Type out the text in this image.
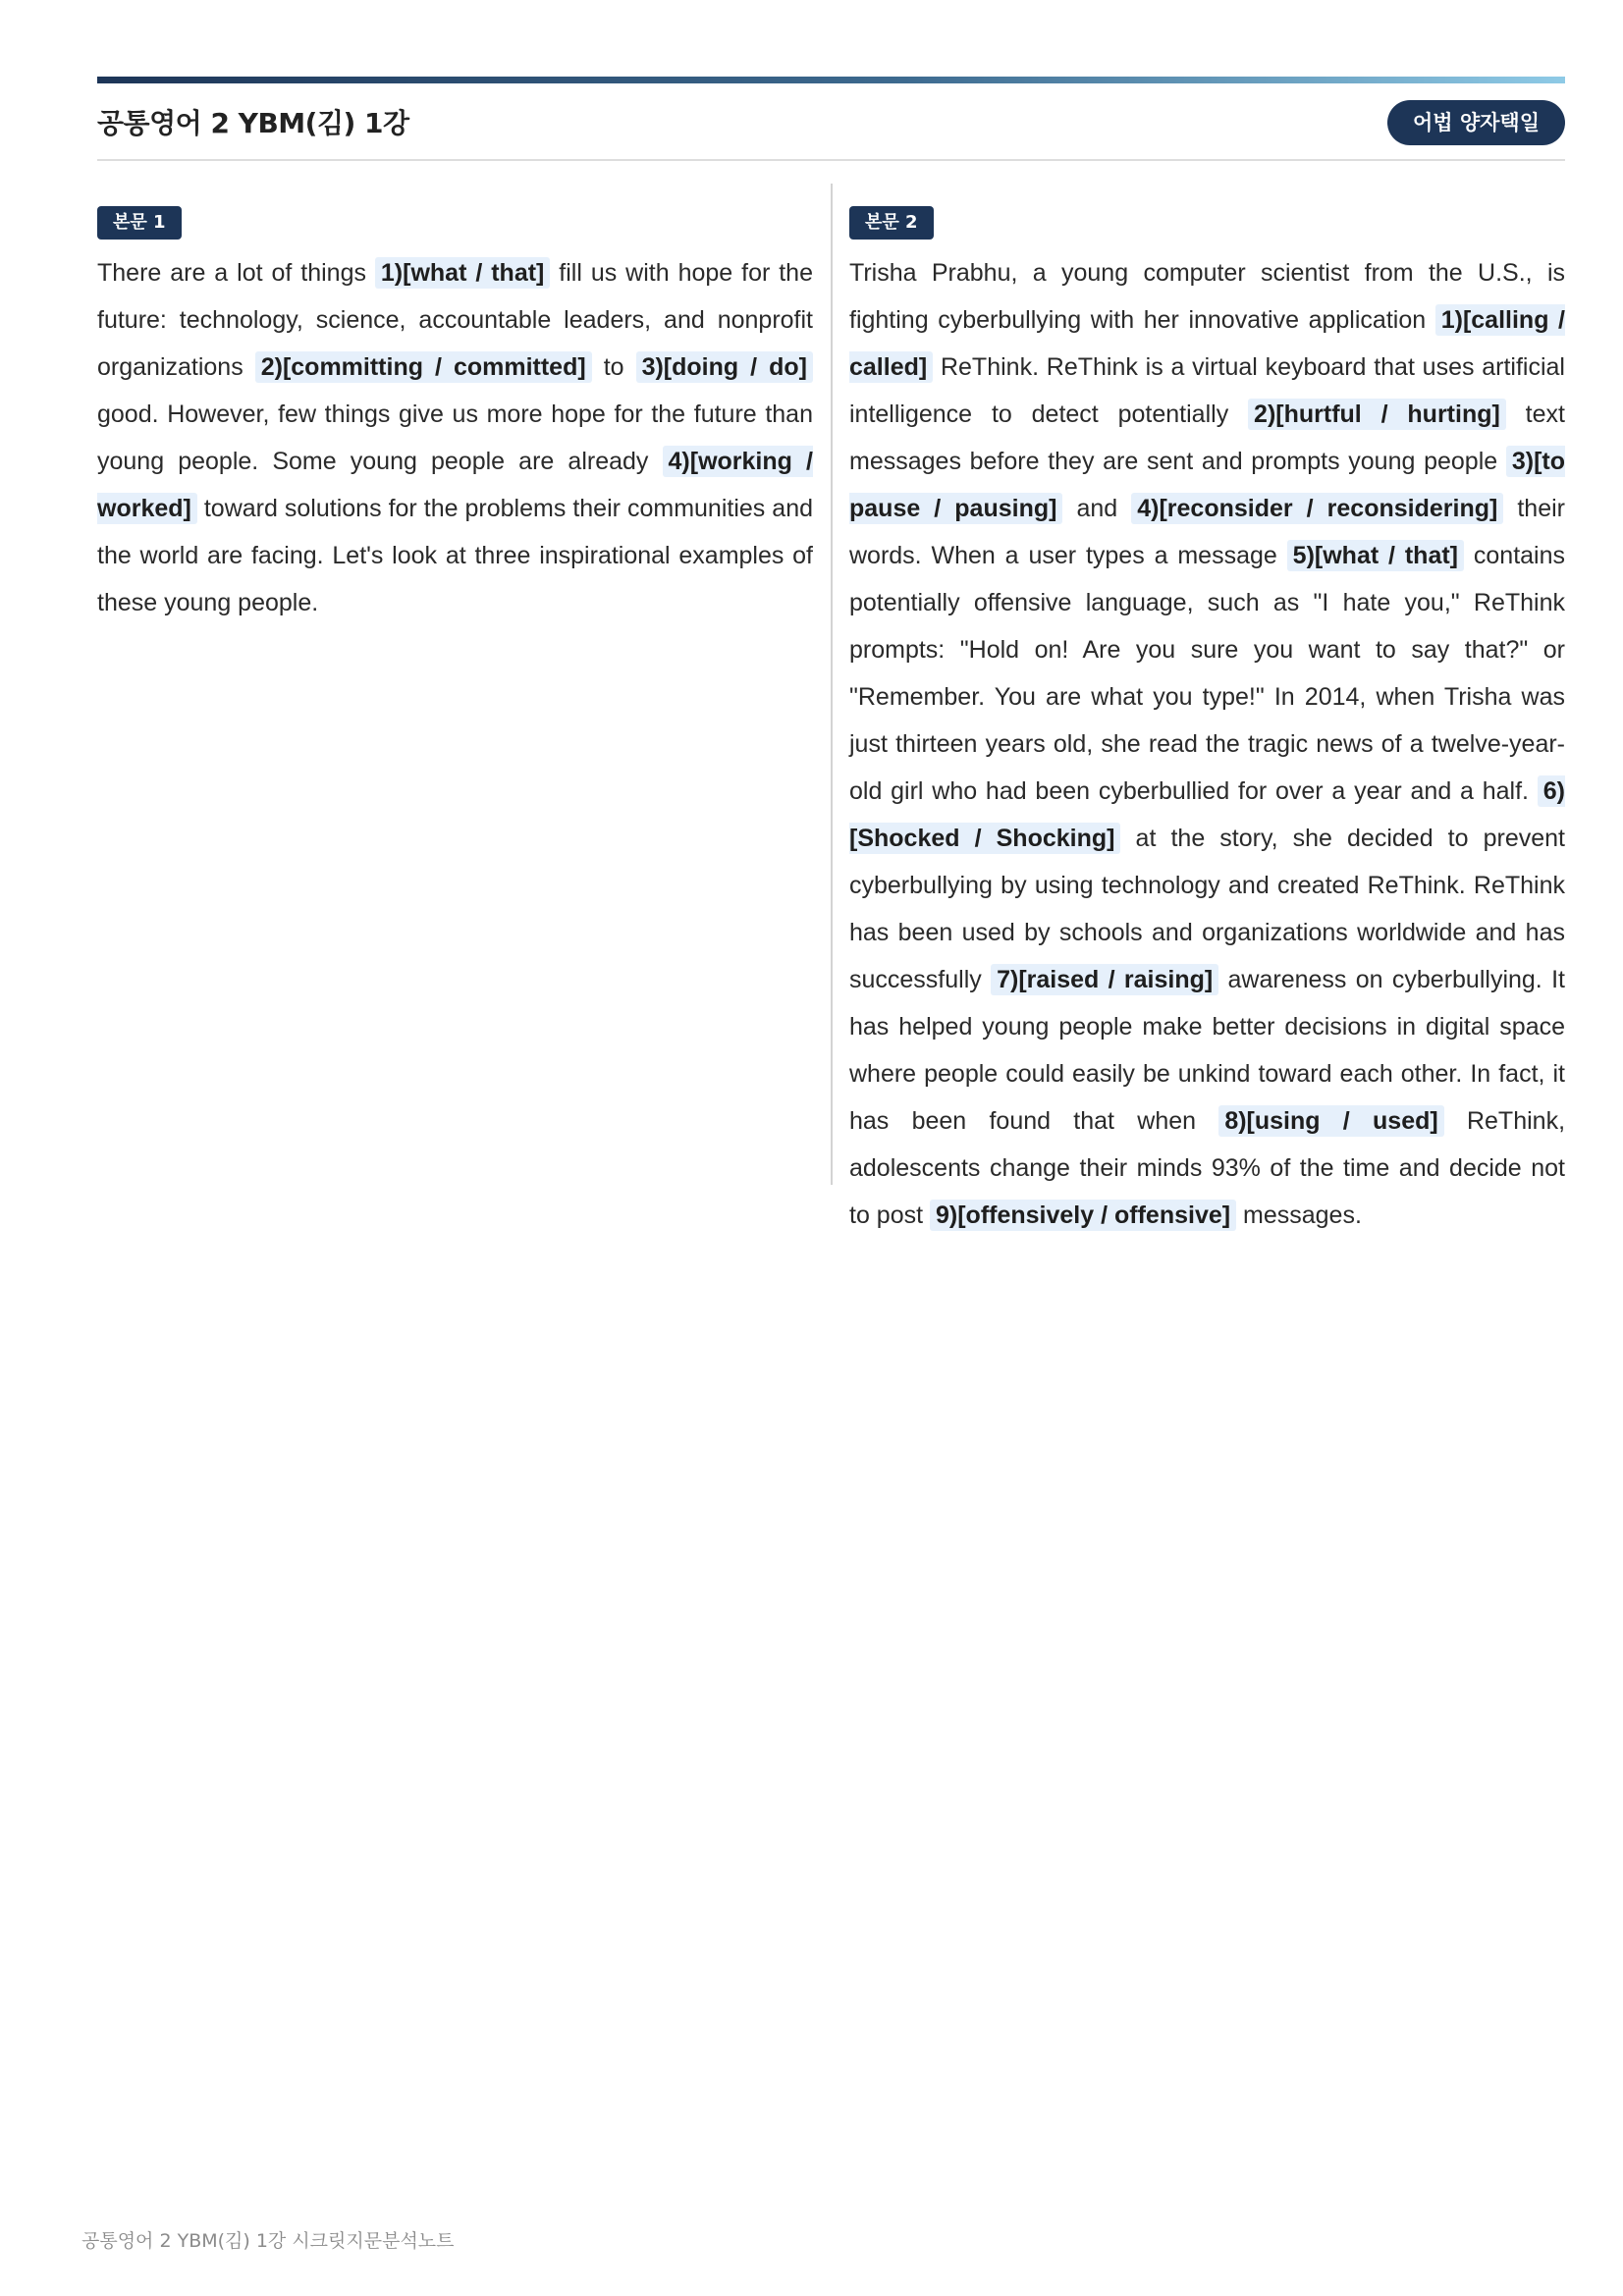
공통영어 2 YBM(김) 1강	어법 양자택일
본문 1

There are a lot of things 1)[what / that] fill us with hope for the future: technology, science, accountable leaders, and nonprofit organizations 2)[committing / committed] to 3)[doing / do] good. However, few things give us more hope for the future than young people. Some young people are already 4)[working / worked] toward solutions for the problems their communities and the world are facing. Let's look at three inspirational examples of these young people.

본문 2

Trisha Prabhu, a young computer scientist from the U.S., is fighting cyberbullying with her innovative application 1)[calling / called] ReThink. ReThink is a virtual keyboard that uses artificial intelligence to detect potentially 2)[hurtful / hurting] text messages before they are sent and prompts young people 3)[to pause / pausing] and 4)[reconsider / reconsidering] their words. When a user types a message 5)[what / that] contains potentially offensive language, such as "I hate you," ReThink prompts: "Hold on! Are you sure you want to say that?" or "Remember. You are what you type!" In 2014, when Trisha was just thirteen years old, she read the tragic news of a twelve-year-old girl who had been cyberbullied for over a year and a half. 6)[Shocked / Shocking] at the story, she decided to prevent cyberbullying by using technology and created ReThink. ReThink has been used by schools and organizations worldwide and has successfully 7)[raised / raising] awareness on cyberbullying. It has helped young people make better decisions in digital space where people could easily be unkind toward each other. In fact, it has been found that when 8)[using / used] ReThink, adolescents change their minds 93% of the time and decide not to post 9)[offensively / offensive] messages.

공통영어 2 YBM(김) 1강 시크릿지문분석노트
